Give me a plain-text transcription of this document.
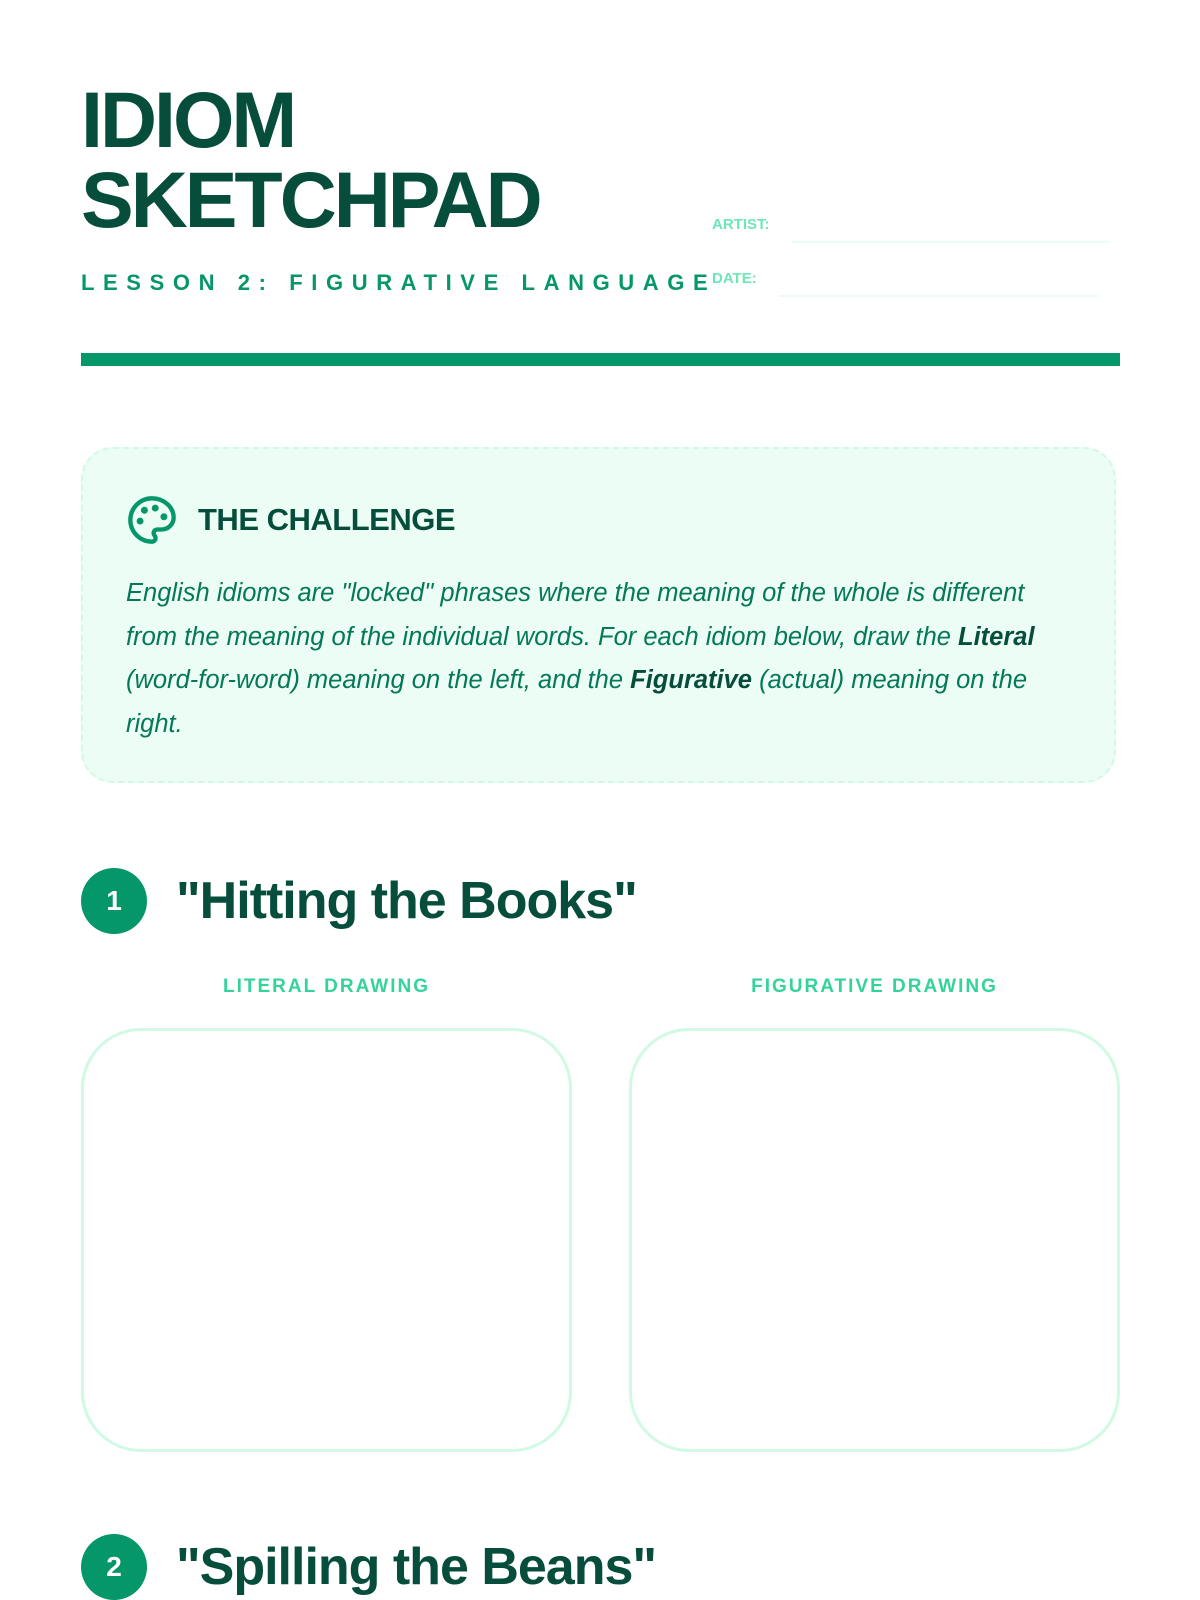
IDIOM
SKETCHPAD
LESSON 2: FIGURATIVE LANGUAGE
ARTIST:
DATE:
THE CHALLENGE

English idioms are "locked" phrases where the meaning of the whole is different from the meaning of the individual words. For each idiom below, draw the Literal (word-for-word) meaning on the left, and the Figurative (actual) meaning on the right.

1	"Hitting the Books"
LITERAL DRAWING	FIGURATIVE DRAWING
2	"Spilling the Beans"
